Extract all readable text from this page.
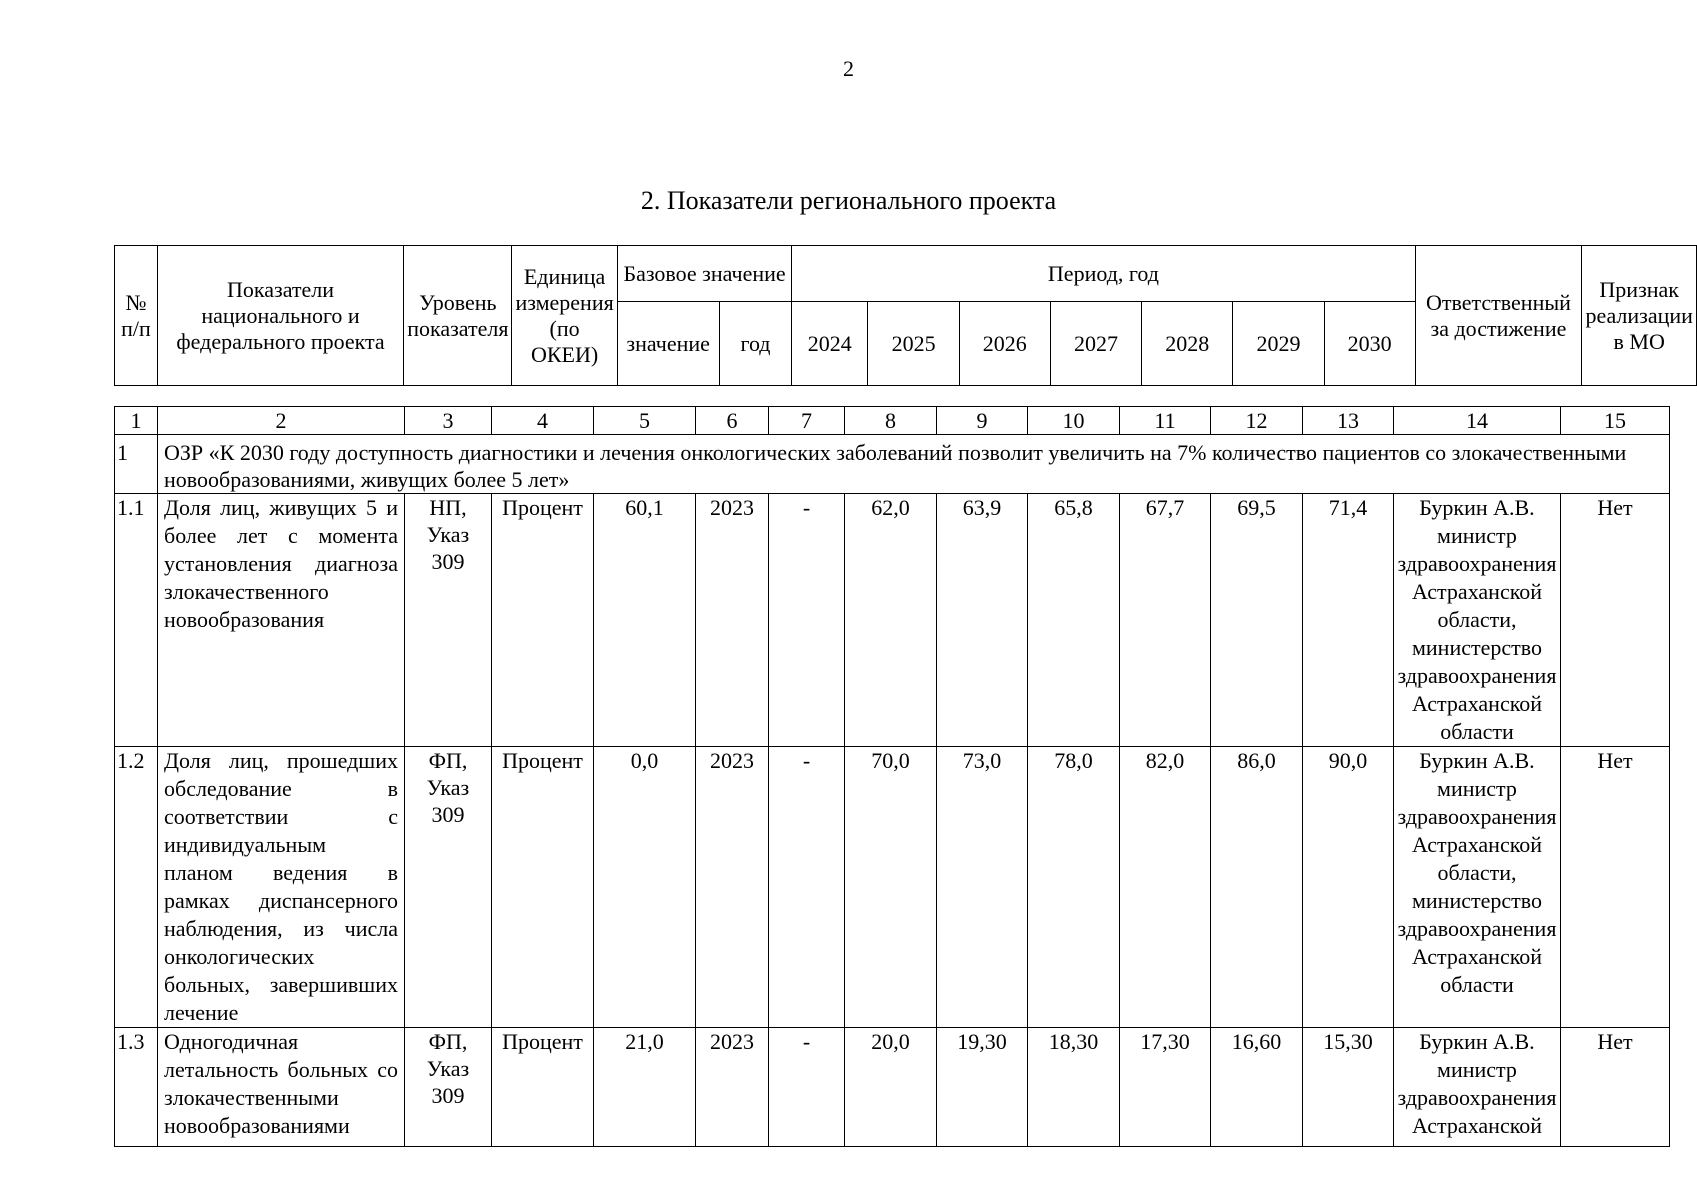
2
2. Показатели регионального проекта
№ п/п	Показатели национального и федерального проекта	Уровень показателя	Единица измерения (по ОКЕИ)	Базовое значение		Период, год							Ответственный за достижение	Признак реализации в МО
				значение	год	2024	2025	2026	2027	2028	2029	2030		
1	2	3	4	5	6	7	8	9	10	11	12	13	14	15
1	ОЗР «К 2030 году доступность диагностики и лечения онкологических заболеваний позволит увеличить на 7% количество пациентов со злокачественными новообразованиями, живущих более 5 лет»													
1.1	Доля лиц, живущих 5 и более лет с момента установления диагноза злокачественного новообразования	НП, Указ 309	Процент	60,1	2023	-	62,0	63,9	65,8	67,7	69,5	71,4	Буркин А.В. министр здравоохранения Астраханской области, министерство здравоохранения Астраханской области	Нет
1.2	Доля лиц, прошедших обследование в соответствии с индивидуальным планом ведения в рамках диспансерного наблюдения, из числа онкологических больных, завершивших лечение	ФП, Указ 309	Процент	0,0	2023	-	70,0	73,0	78,0	82,0	86,0	90,0	Буркин А.В. министр здравоохранения Астраханской области, министерство здравоохранения Астраханской области	Нет
1.3	Одногодичная летальность больных со злокачественными новообразованиями	ФП, Указ 309	Процент	21,0	2023	-	20,0	19,30	18,30	17,30	16,60	15,30	Буркин А.В. министр здравоохранения Астраханской	Нет
